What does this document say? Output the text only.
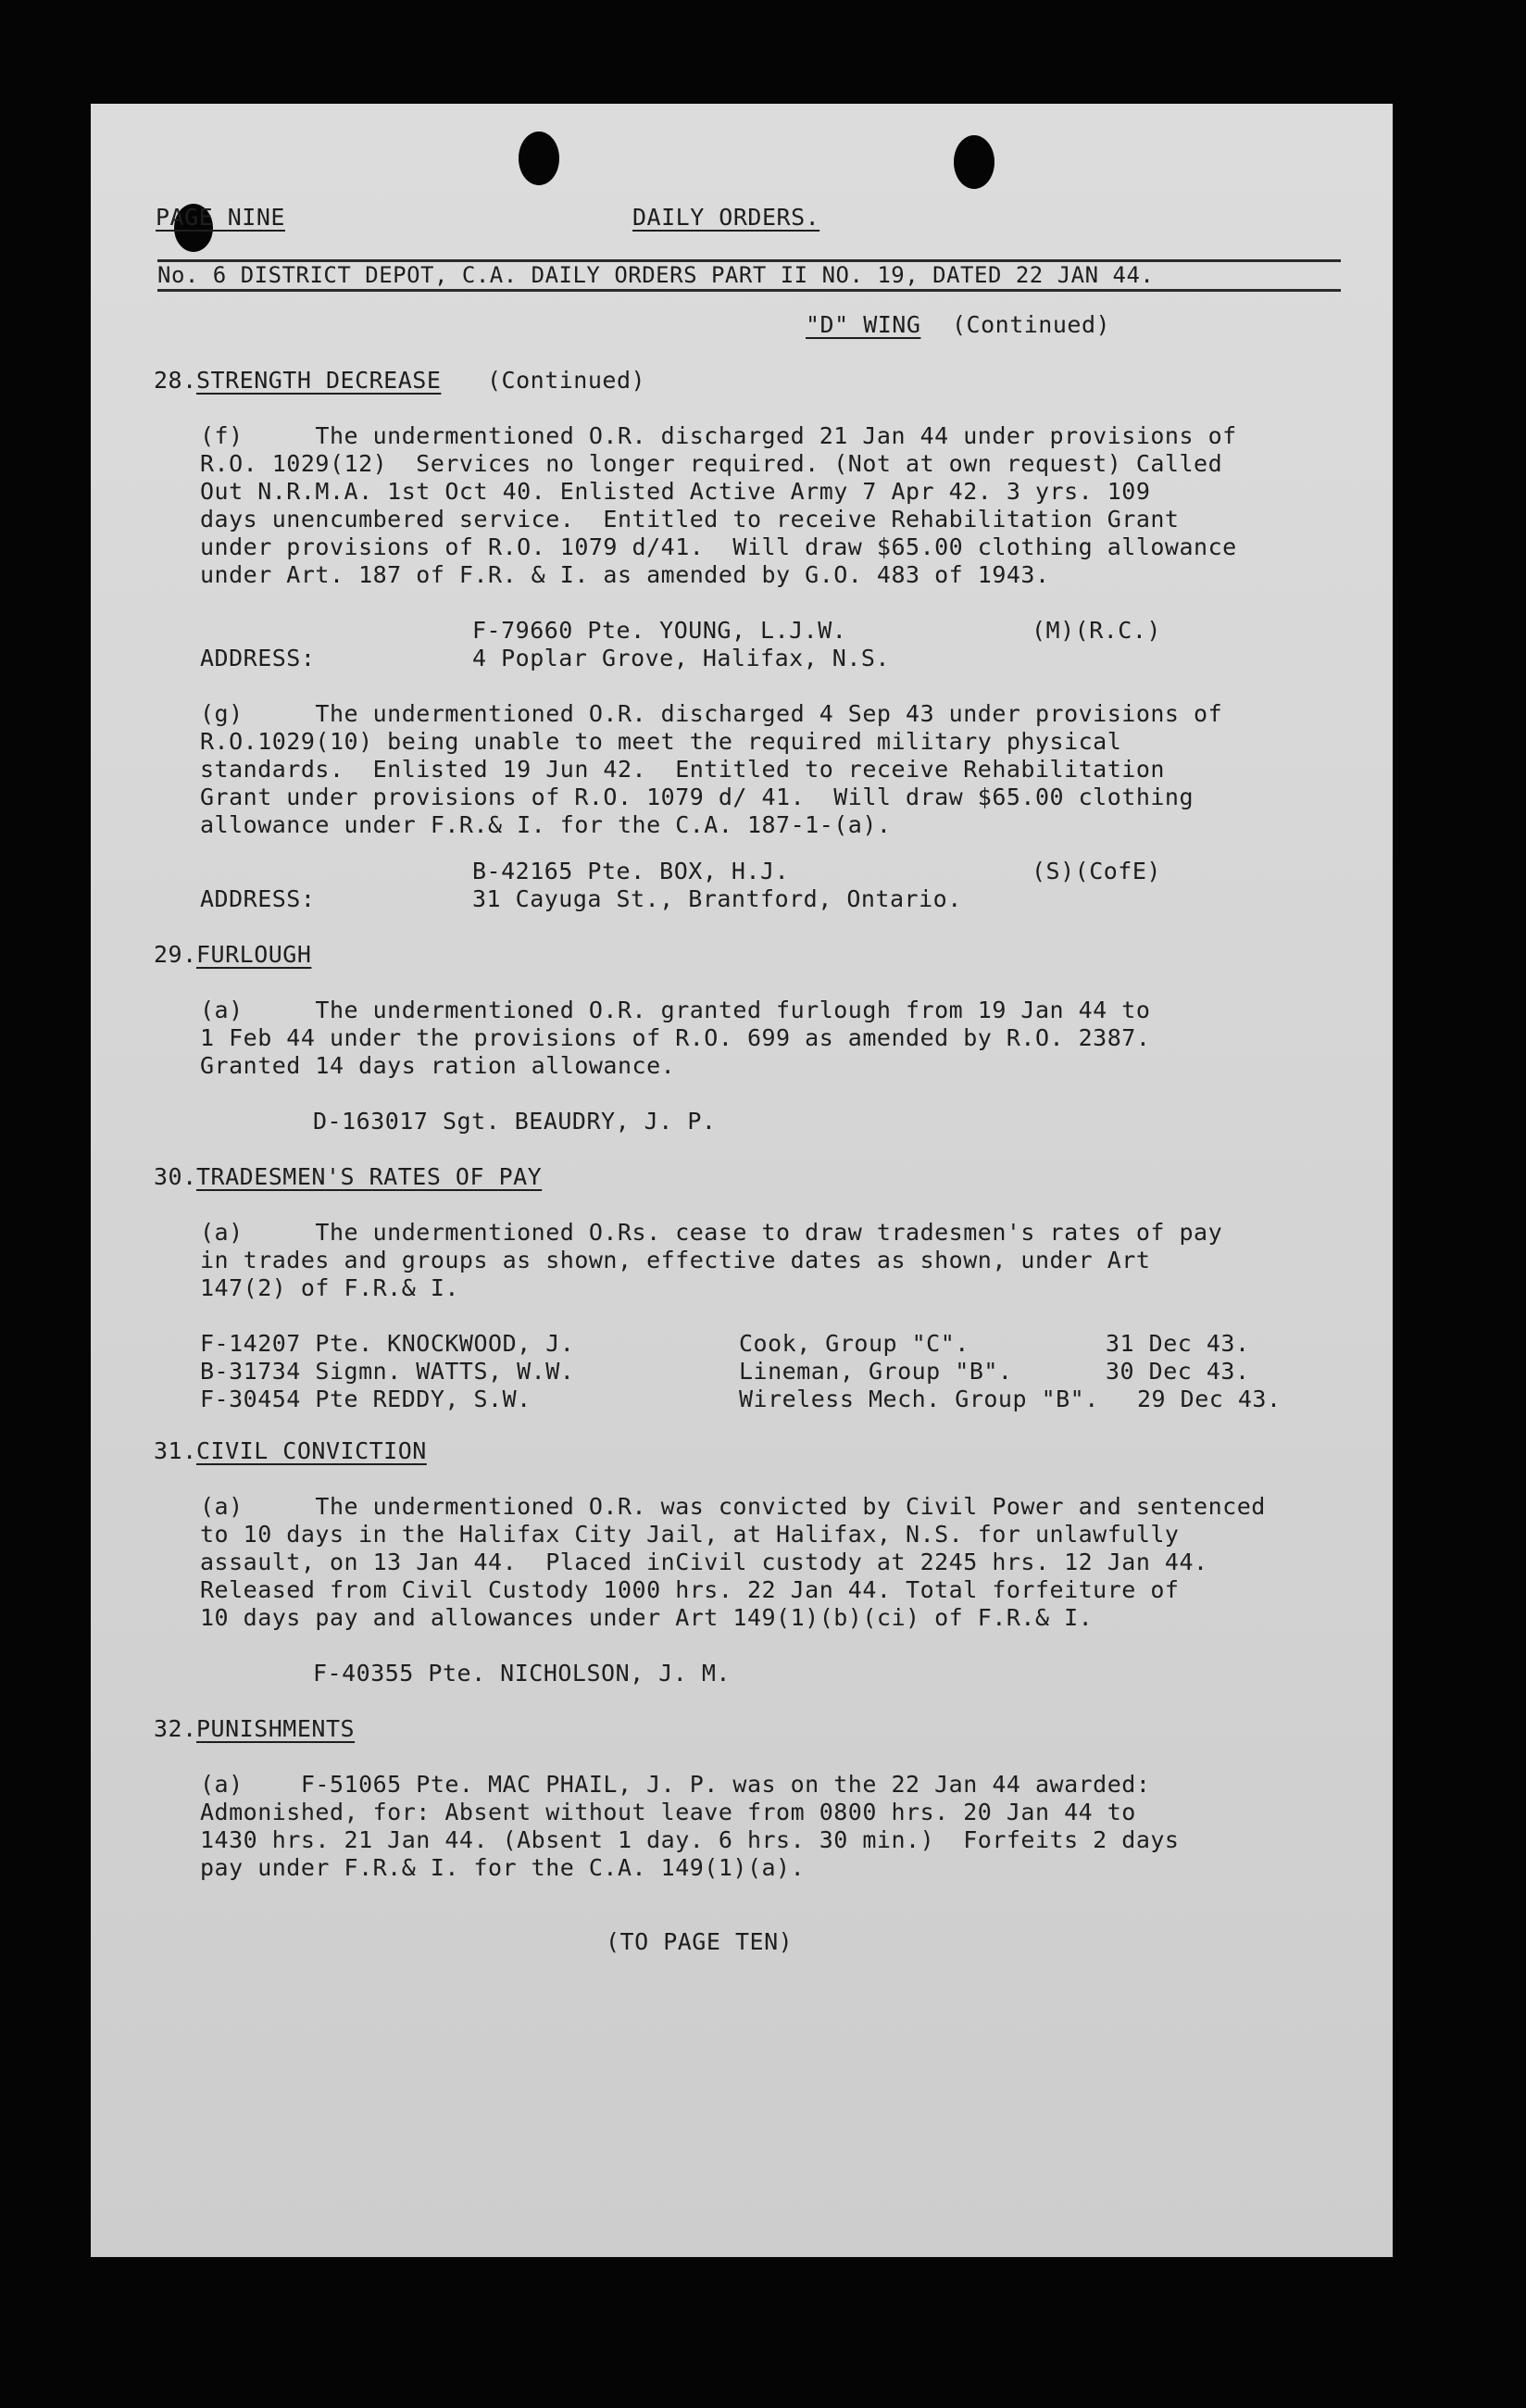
PAGE NINE	DAILY ORDERS.
No. 6 DISTRICT DEPOT, C.A. DAILY ORDERS PART II NO. 19, DATED 22 JAN 44.
"D" WING (Continued)
28. STRENGTH DECREASE (Continued)
(f)     The undermentioned O.R. discharged 21 Jan 44 under provisions of
R.O. 1029(12)  Services no longer required. (Not at own request) Called
Out N.R.M.A. 1st Oct 40. Enlisted Active Army 7 Apr 42. 3 yrs. 109
days unencumbered service.  Entitled to receive Rehabilitation Grant
under provisions of R.O. 1079 d/41.  Will draw $65.00 clothing allowance
under Art. 187 of F.R. & I. as amended by G.O. 483 of 1943.
F-79660 Pte. YOUNG, L.J.W.	(M)(R.C.)
ADDRESS:	4 Poplar Grove, Halifax, N.S.
(g)     The undermentioned O.R. discharged 4 Sep 43 under provisions of
R.O.1029(10) being unable to meet the required military physical
standards.  Enlisted 19 Jun 42.  Entitled to receive Rehabilitation
Grant under provisions of R.O. 1079 d/ 41.  Will draw $65.00 clothing
allowance under F.R.& I. for the C.A. 187-1-(a).
B-42165 Pte. BOX, H.J.	(S)(CofE)
ADDRESS:	31 Cayuga St., Brantford, Ontario.
29. FURLOUGH
(a)     The undermentioned O.R. granted furlough from 19 Jan 44 to
1 Feb 44 under the provisions of R.O. 699 as amended by R.O. 2387.
Granted 14 days ration allowance.
D-163017 Sgt. BEAUDRY, J. P.
30. TRADESMEN'S RATES OF PAY
(a)     The undermentioned O.Rs. cease to draw tradesmen's rates of pay
in trades and groups as shown, effective dates as shown, under Art
147(2) of F.R.& I.
F-14207 Pte. KNOCKWOOD, J.	Cook, Group "C".	31 Dec 43.
B-31734 Sigmn. WATTS, W.W.	Lineman, Group "B".	30 Dec 43.
F-30454 Pte REDDY, S.W.	Wireless Mech. Group "B". 29 Dec 43.
31. CIVIL CONVICTION
(a)     The undermentioned O.R. was convicted by Civil Power and sentenced
to 10 days in the Halifax City Jail, at Halifax, N.S. for unlawfully
assault, on 13 Jan 44.  Placed inCivil custody at 2245 hrs. 12 Jan 44.
Released from Civil Custody 1000 hrs. 22 Jan 44. Total forfeiture of
10 days pay and allowances under Art 149(1)(b)(ci) of F.R.& I.
F-40355 Pte. NICHOLSON, J. M.
32. PUNISHMENTS
(a)    F-51065 Pte. MAC PHAIL, J. P. was on the 22 Jan 44 awarded:
Admonished, for: Absent without leave from 0800 hrs. 20 Jan 44 to
1430 hrs. 21 Jan 44. (Absent 1 day. 6 hrs. 30 min.)  Forfeits 2 days
pay under F.R.& I. for the C.A. 149(1)(a).
(TO PAGE TEN)
